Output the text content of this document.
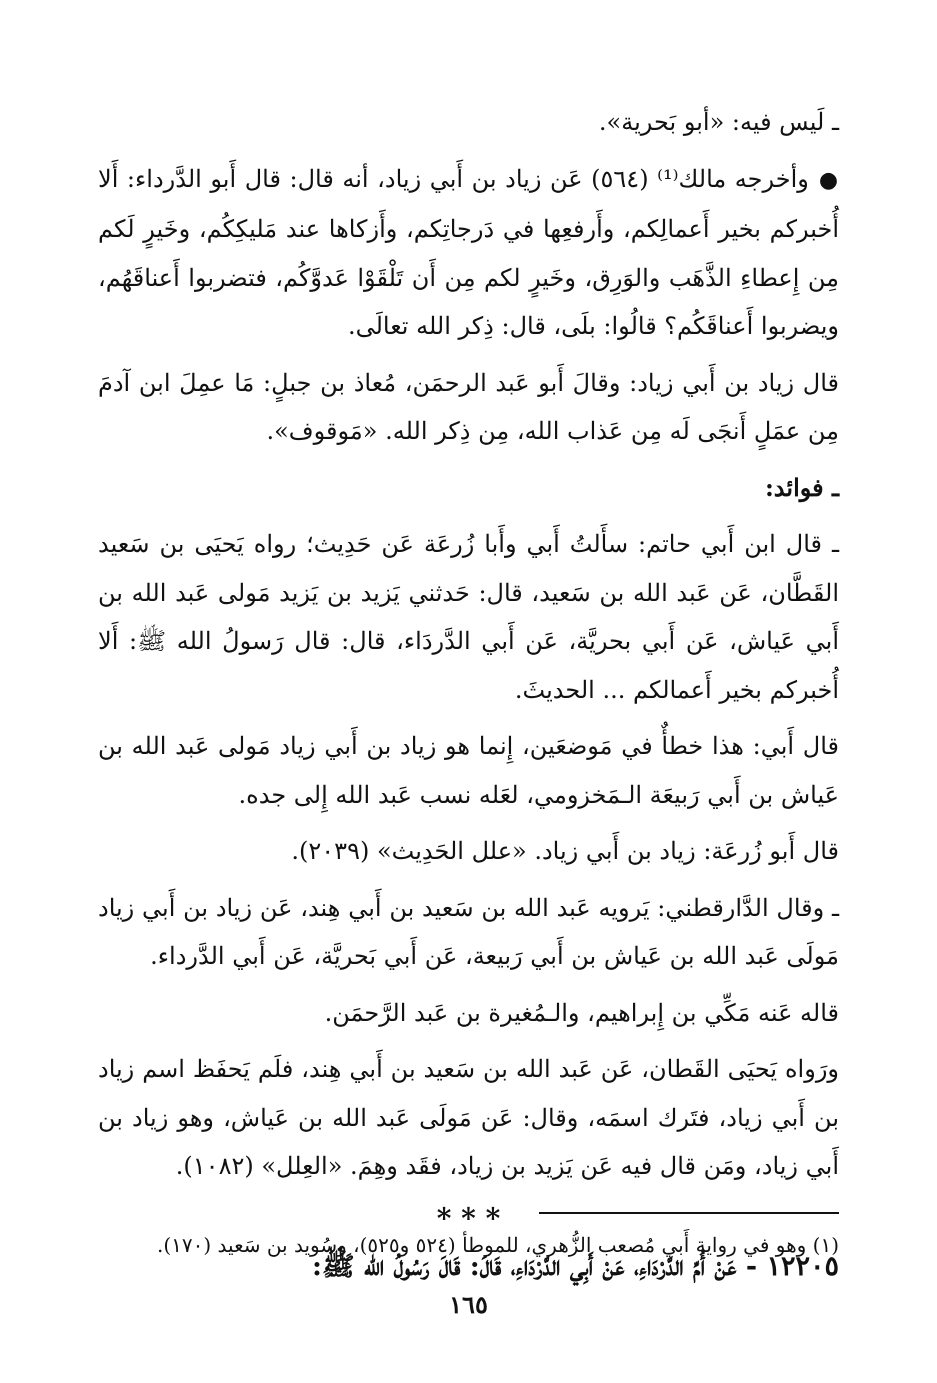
ـ لَيس فيه: «أبو بَحرية».

●وأخرجه مالك⁽¹⁾ (٥٦٤) عَن زياد بن أَبي زياد، أنه قال: قال أَبو الدَّرداء: أَلا أُخبركم بخير أَعمالِكم، وأَرفعِها في دَرجاتِكم، وأَزكاها عند مَليكِكُم، وخَيرٍ لَكم مِن إِعطاءِ الذَّهَب والوَرِق، وخَيرٍ لكم مِن أَن تَلْقَوْا عَدوَّكُم، فتضربوا أَعناقَهُم، ويضربوا أَعناقَكُم؟ قالُوا: بلَى، قال: ذِكر الله تعالَى.

قال زياد بن أَبي زياد: وقالَ أَبو عَبد الرحمَن، مُعاذ بن جبلٍ: مَا عمِلَ ابن آدمَ مِن عمَلٍ أَنجَى لَه مِن عَذاب الله، مِن ذِكر الله. «مَوقوف».

ـ فوائد:

ـ قال ابن أَبي حاتم: سأَلتُ أَبي وأَبا زُرعَة عَن حَدِيث؛ رواه يَحيَى بن سَعيد القَطَّان، عَن عَبد الله بن سَعيد، قال: حَدثني يَزيد بن يَزيد مَولى عَبد الله بن أَبي عَياش، عَن أَبي بحريَّة، عَن أَبي الدَّردَاء، قال: قال رَسولُ الله ﷺ: أَلا أُخبركم بخير أَعمالكم ... الحديثَ.

قال أَبي: هذا خطأٌ في مَوضعَين، إِنما هو زياد بن أَبي زياد مَولى عَبد الله بن عَياش بن أَبي رَبيعَة الـمَخزومي، لعَله نسب عَبد الله إِلى جده.

قال أَبو زُرعَة: زياد بن أَبي زياد. «علل الحَدِيث» (٢٠٣٩).

ـ وقال الدَّارقطني: يَرويه عَبد الله بن سَعيد بن أَبي هِند، عَن زياد بن أَبي زياد مَولَى عَبد الله بن عَياش بن أَبي رَبيعة، عَن أَبي بَحريَّة، عَن أَبي الدَّرداء.

قاله عَنه مَكِّي بن إِبراهيم، والـمُغيرة بن عَبد الرَّحمَن.

ورَواه يَحيَى القَطان، عَن عَبد الله بن سَعيد بن أَبي هِند، فلَم يَحفَظ اسم زياد بن أَبي زياد، فتَرك اسمَه، وقال: عَن مَولَى عَبد الله بن عَياش، وهو زياد بن أَبي زياد، ومَن قال فيه عَن يَزيد بن زياد، فقَد وهِمَ. «العِلل» (١٠٨٢).

* * *

١٢٢٠٥ - عَنْ أُمِّ الدَّرْدَاءِ، عَنْ أَبِي الدَّرْدَاءِ، قَالَ: قَالَ رَسُولُ الله ﷺ:

(١) وهو في رواية أَبي مُصعب الزُّهري، للموطأ (٥٢٤ و٥٢٥)، وسُويد بن سَعيد (١٧٠).

١٦٥
